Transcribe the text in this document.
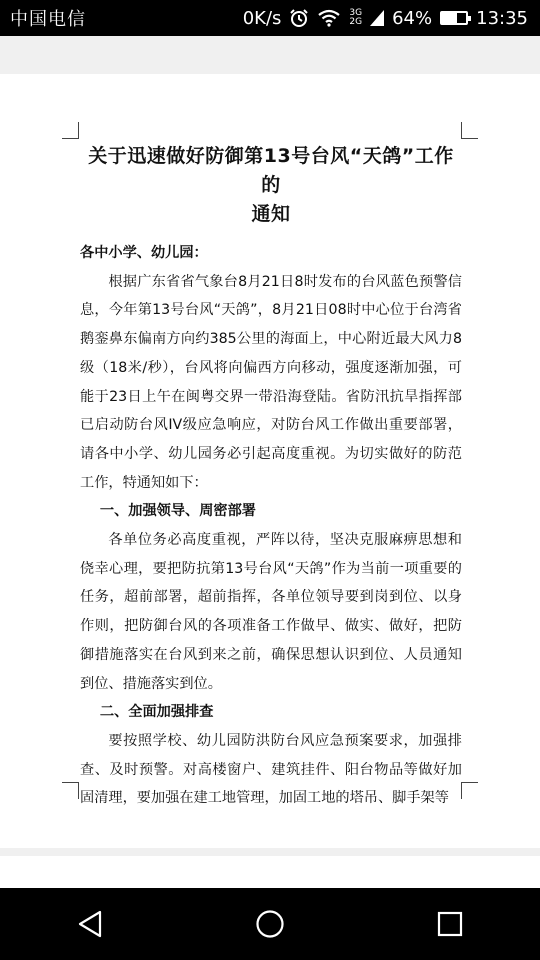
中国电信	0K/s	3G
2G 64% 13:35
关于迅速做好防御第13号台风“天鸽”工作的
通知

各中小学、幼儿园：

根据广东省省气象台8月21日8时发布的台风蓝色预警信息，今年第13号台风“天鸽”，8月21日08时中心位于台湾省鹅銮鼻东偏南方向约385公里的海面上，中心附近最大风力8级（18米/秒），台风将向偏西方向移动，强度逐渐加强，可能于23日上午在闽粤交界一带沿海登陆。省防汛抗旱指挥部已启动防台风IV级应急响应，对防台风工作做出重要部署，请各中小学、幼儿园务必引起高度重视。为切实做好的防范工作，特通知如下：

一、加强领导、周密部署

各单位务必高度重视，严阵以待，坚决克服麻痹思想和侥幸心理，要把防抗第13号台风“天鸽”作为当前一项重要的任务，超前部署，超前指挥，各单位领导要到岗到位、以身作则，把防御台风的各项准备工作做早、做实、做好，把防御措施落实在台风到来之前，确保思想认识到位、人员通知到位、措施落实到位。

二、全面加强排查

要按照学校、幼儿园防洪防台风应急预案要求，加强排查、及时预警。对高楼窗户、建筑挂件、阳台物品等做好加固清理，要加强在建工地管理，加固工地的塔吊、脚手架等
